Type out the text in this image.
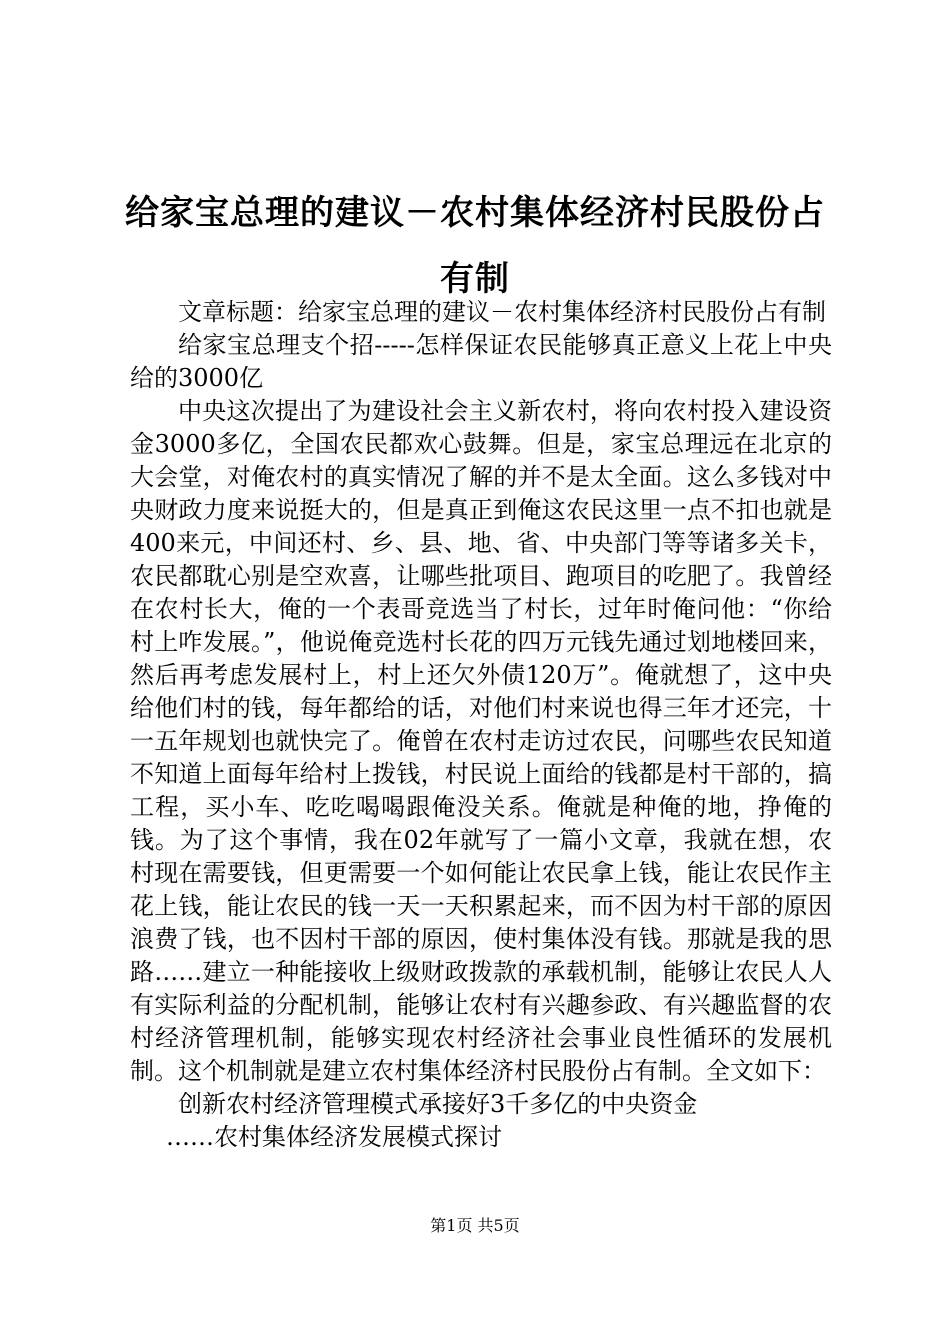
给家宝总理的建议－农村集体经济村民股份占有制

文章标题：给家宝总理的建议－农村集体经济村民股份占有制

给家宝总理支个招-----怎样保证农民能够真正意义上花上中央给的3000亿

中央这次提出了为建设社会主义新农村，将向农村投入建设资金3000多亿，全国农民都欢心鼓舞。但是，家宝总理远在北京的大会堂，对俺农村的真实情况了解的并不是太全面。这么多钱对中央财政力度来说挺大的，但是真正到俺这农民这里一点不扣也就是400来元，中间还村、乡、县、地、省、中央部门等等诸多关卡，农民都耽心别是空欢喜，让哪些批项目、跑项目的吃肥了。我曾经在农村长大，俺的一个表哥竞选当了村长，过年时俺问他：“你给村上咋发展。”，他说俺竞选村长花的四万元钱先通过划地楼回来，然后再考虑发展村上，村上还欠外债120万”。俺就想了，这中央给他们村的钱，每年都给的话，对他们村来说也得三年才还完，十一五年规划也就快完了。俺曾在农村走访过农民，问哪些农民知道不知道上面每年给村上拨钱，村民说上面给的钱都是村干部的，搞工程，买小车、吃吃喝喝跟俺没关系。俺就是种俺的地，挣俺的钱。为了这个事情，我在02年就写了一篇小文章，我就在想，农村现在需要钱，但更需要一个如何能让农民拿上钱，能让农民作主花上钱，能让农民的钱一天一天积累起来，而不因为村干部的原因浪费了钱，也不因村干部的原因，使村集体没有钱。那就是我的思路……建立一种能接收上级财政拨款的承载机制，能够让农民人人有实际利益的分配机制，能够让农村有兴趣参政、有兴趣监督的农村经济管理机制，能够实现农村经济社会事业良性循环的发展机制。这个机制就是建立农村集体经济村民股份占有制。全文如下：

创新农村经济管理模式承接好3千多亿的中央资金

……农村集体经济发展模式探讨

第1页 共5页
